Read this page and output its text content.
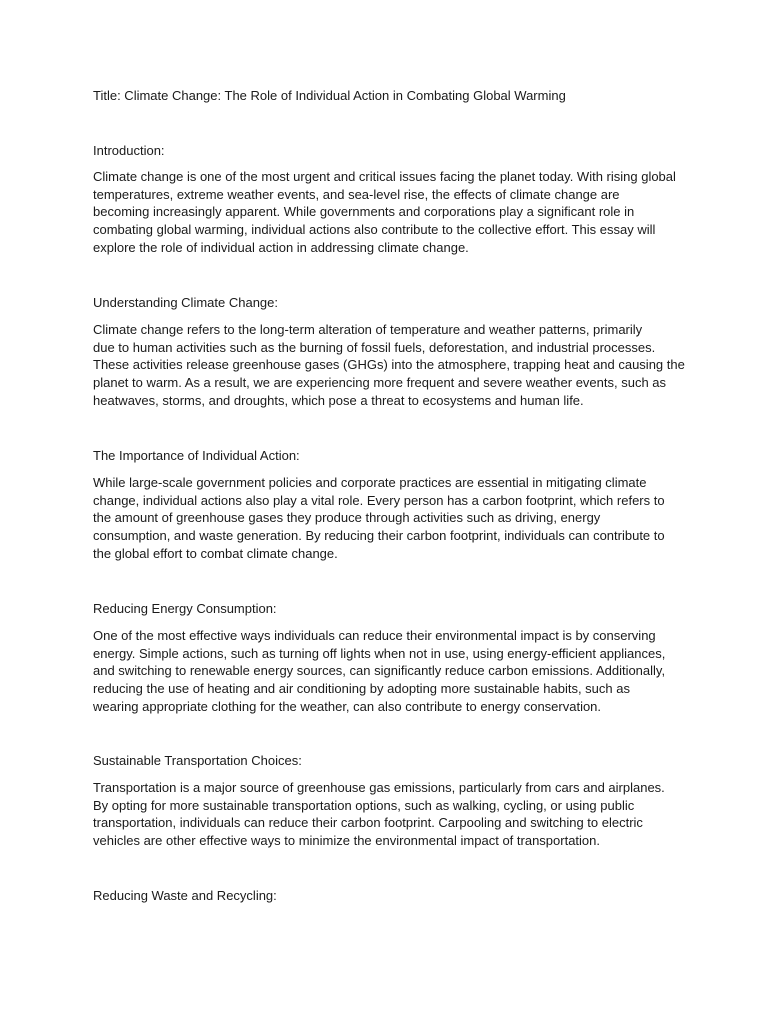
Title: Climate Change: The Role of Individual Action in Combating Global Warming
Introduction:
Climate change is one of the most urgent and critical issues facing the planet today. With rising global
temperatures, extreme weather events, and sea-level rise, the effects of climate change are
becoming increasingly apparent. While governments and corporations play a significant role in
combating global warming, individual actions also contribute to the collective effort. This essay will
explore the role of individual action in addressing climate change.
Understanding Climate Change:
Climate change refers to the long-term alteration of temperature and weather patterns, primarily
due to human activities such as the burning of fossil fuels, deforestation, and industrial processes.
These activities release greenhouse gases (GHGs) into the atmosphere, trapping heat and causing the
planet to warm. As a result, we are experiencing more frequent and severe weather events, such as
heatwaves, storms, and droughts, which pose a threat to ecosystems and human life.
The Importance of Individual Action:
While large-scale government policies and corporate practices are essential in mitigating climate
change, individual actions also play a vital role. Every person has a carbon footprint, which refers to
the amount of greenhouse gases they produce through activities such as driving, energy
consumption, and waste generation. By reducing their carbon footprint, individuals can contribute to
the global effort to combat climate change.
Reducing Energy Consumption:
One of the most effective ways individuals can reduce their environmental impact is by conserving
energy. Simple actions, such as turning off lights when not in use, using energy-efficient appliances,
and switching to renewable energy sources, can significantly reduce carbon emissions. Additionally,
reducing the use of heating and air conditioning by adopting more sustainable habits, such as
wearing appropriate clothing for the weather, can also contribute to energy conservation.
Sustainable Transportation Choices:
Transportation is a major source of greenhouse gas emissions, particularly from cars and airplanes.
By opting for more sustainable transportation options, such as walking, cycling, or using public
transportation, individuals can reduce their carbon footprint. Carpooling and switching to electric
vehicles are other effective ways to minimize the environmental impact of transportation.
Reducing Waste and Recycling:
